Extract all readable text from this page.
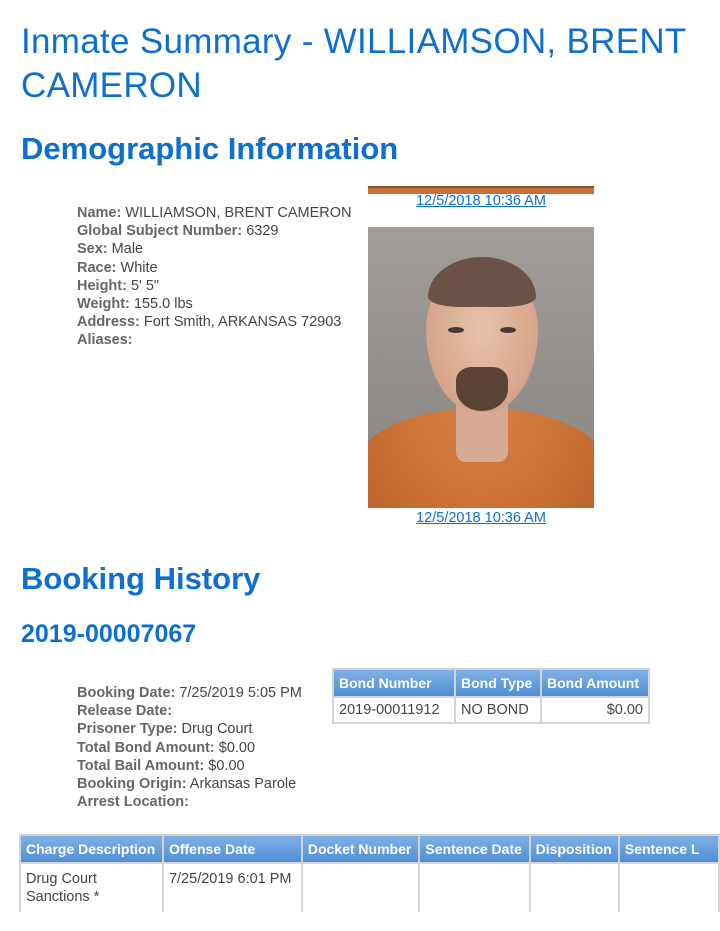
Inmate Summary - WILLIAMSON, BRENT CAMERON
Demographic Information
Name: WILLIAMSON, BRENT CAMERON
Global Subject Number: 6329
Sex: Male
Race: White
Height: 5' 5"
Weight: 155.0 lbs
Address: Fort Smith, ARKANSAS 72903
Aliases:
12/5/2018 10:36 AM
12/5/2018 10:36 AM
Booking History
2019-00007067
Booking Date: 7/25/2019 5:05 PM
Release Date:
Prisoner Type: Drug Court
Total Bond Amount: $0.00
Total Bail Amount: $0.00
Booking Origin: Arkansas Parole
Arrest Location:
Bond Number	Bond Type	Bond Amount
2019-00011912	NO BOND	$0.00
Charge Description	Offense Date	Docket Number	Sentence Date	Disposition	Sentence L

Drug Court
Sanctions *	7/25/2019 6:01 PM				
